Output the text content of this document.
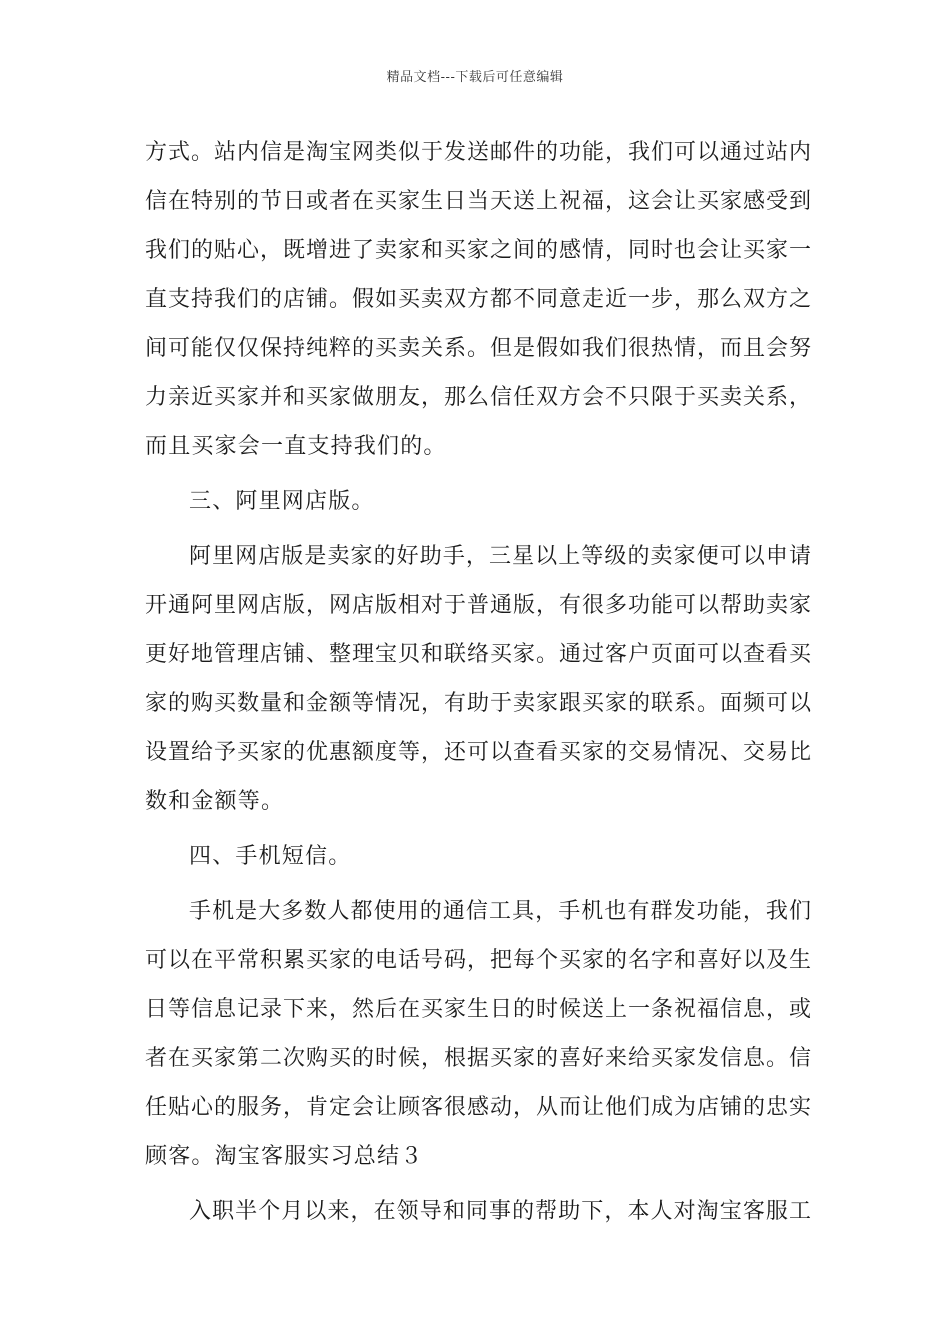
精品文档---下载后可任意编辑
方式。站内信是淘宝网类似于发送邮件的功能，我们可以通过站内
信在特别的节日或者在买家生日当天送上祝福，这会让买家感受到
我们的贴心，既增进了卖家和买家之间的感情，同时也会让买家一
直支持我们的店铺。假如买卖双方都不同意走近一步，那么双方之
间可能仅仅保持纯粹的买卖关系。但是假如我们很热情，而且会努
力亲近买家并和买家做朋友，那么信任双方会不只限于买卖关系，
而且买家会一直支持我们的。
三、阿里网店版。
阿里网店版是卖家的好助手，三星以上等级的卖家便可以申请
开通阿里网店版，网店版相对于普通版，有很多功能可以帮助卖家
更好地管理店铺、整理宝贝和联络买家。通过客户页面可以查看买
家的购买数量和金额等情况，有助于卖家跟买家的联系。面频可以
设置给予买家的优惠额度等，还可以查看买家的交易情况、交易比
数和金额等。
四、手机短信。
手机是大多数人都使用的通信工具，手机也有群发功能，我们
可以在平常积累买家的电话号码，把每个买家的名字和喜好以及生
日等信息记录下来，然后在买家生日的时候送上一条祝福信息，或
者在买家第二次购买的时候，根据买家的喜好来给买家发信息。信
任贴心的服务，肯定会让顾客很感动，从而让他们成为店铺的忠实
顾客。淘宝客服实习总结３
入职半个月以来，在领导和同事的帮助下，本人对淘宝客服工
